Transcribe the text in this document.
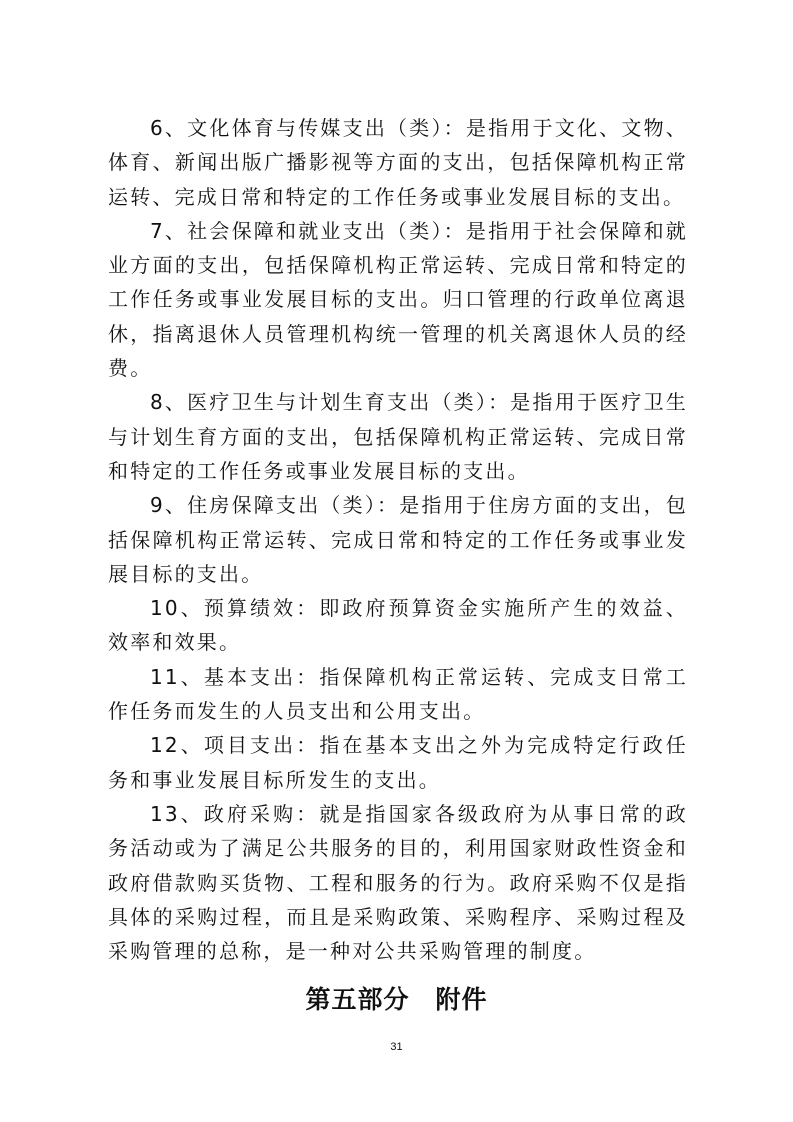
6、文化体育与传媒支出（类）：是指用于文化、文物、体育、新闻出版广播影视等方面的支出，包括保障机构正常运转、完成日常和特定的工作任务或事业发展目标的支出。

7、社会保障和就业支出（类）：是指用于社会保障和就业方面的支出，包括保障机构正常运转、完成日常和特定的工作任务或事业发展目标的支出。归口管理的行政单位离退休，指离退休人员管理机构统一管理的机关离退休人员的经费。

8、医疗卫生与计划生育支出（类）：是指用于医疗卫生与计划生育方面的支出，包括保障机构正常运转、完成日常和特定的工作任务或事业发展目标的支出。

9、住房保障支出（类）：是指用于住房方面的支出，包括保障机构正常运转、完成日常和特定的工作任务或事业发展目标的支出。

10、预算绩效：即政府预算资金实施所产生的效益、效率和效果。

11、基本支出：指保障机构正常运转、完成支日常工作任务而发生的人员支出和公用支出。

12、项目支出：指在基本支出之外为完成特定行政任务和事业发展目标所发生的支出。

13、政府采购：就是指国家各级政府为从事日常的政务活动或为了满足公共服务的目的，利用国家财政性资金和政府借款购买货物、工程和服务的行为。政府采购不仅是指具体的采购过程，而且是采购政策、采购程序、采购过程及采购管理的总称，是一种对公共采购管理的制度。

第五部分　附件
31
